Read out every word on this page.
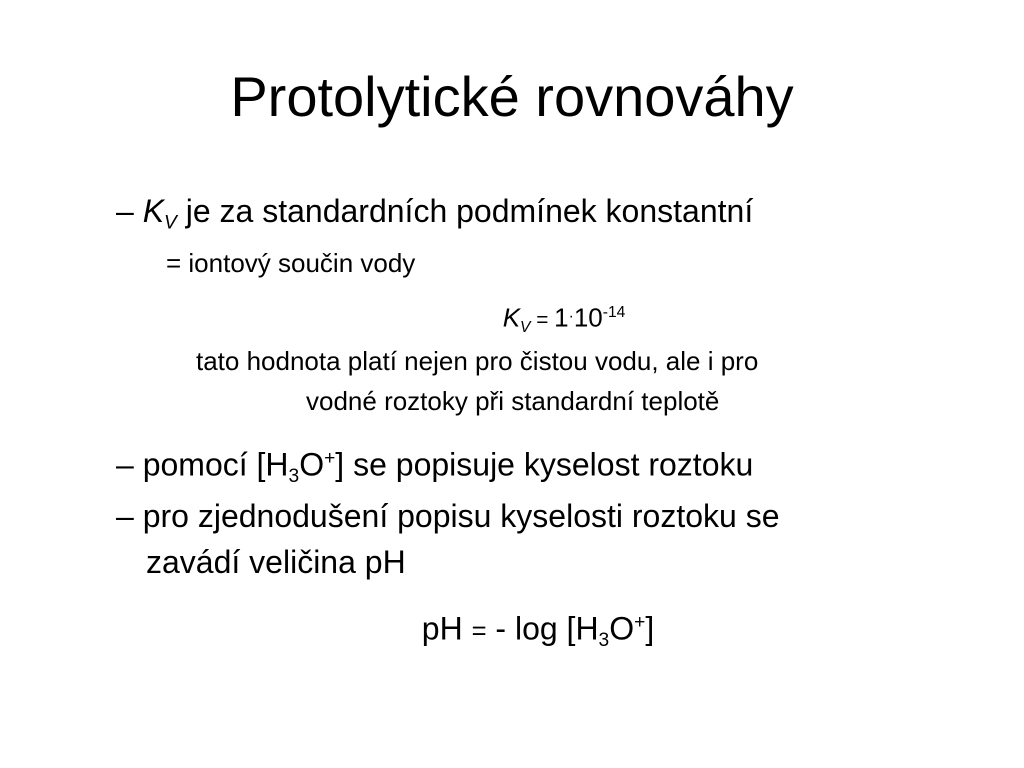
Protolytické rovnováhy
– $K_V$ je za standardních podmínek konstantní
= iontový součin vody
$K_V = 1^\cdot 10^{-14}$
tato hodnota platí nejen pro čistou vodu, ale i pro
vodné roztoky při standardní teplotě
– pomocí $[H_3O^+]$ se popisuje kyselost roztoku
– pro zjednodušení popisu kyselosti roztoku se
zavádí veličina pH
pH = - $\log [H_3O^+]$
